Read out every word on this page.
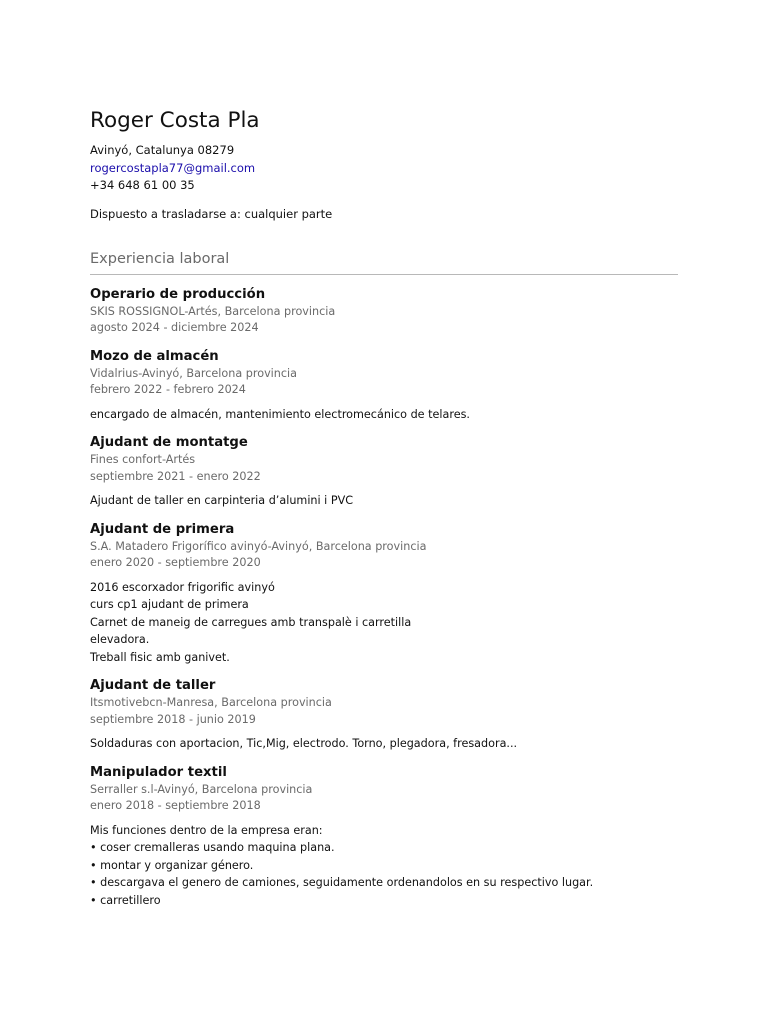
Roger Costa Pla
Avinyó, Catalunya 08279
rogercostapla77@gmail.com
+34 648 61 00 35
Dispuesto a trasladarse a: cualquier parte
Experiencia laboral
Operario de producción
SKIS ROSSIGNOL-Artés, Barcelona provincia
agosto 2024 - diciembre 2024
Mozo de almacén
Vidalrius-Avinyó, Barcelona provincia
febrero 2022 - febrero 2024
encargado de almacén, mantenimiento electromecánico de telares.
Ajudant de montatge
Fines confort-Artés
septiembre 2021 - enero 2022
Ajudant de taller en carpinteria d’alumini i PVC
Ajudant de primera
S.A. Matadero Frigorífico avinyó-Avinyó, Barcelona provincia
enero 2020 - septiembre 2020
2016 escorxador frigorific avinyó
curs cp1 ajudant de primera
Carnet de maneig de carregues amb transpalè i carretilla
elevadora.
Treball fisic amb ganivet.
Ajudant de taller
Itsmotivebcn-Manresa, Barcelona provincia
septiembre 2018 - junio 2019
Soldaduras con aportacion, Tic,Mig, electrodo. Torno, plegadora, fresadora...
Manipulador textil
Serraller s.l-Avinyó, Barcelona provincia
enero 2018 - septiembre 2018
Mis funciones dentro de la empresa eran:
• coser cremalleras usando maquina plana.
• montar y organizar género.
• descargava el genero de camiones, seguidamente ordenandolos en su respectivo lugar.
• carretillero
